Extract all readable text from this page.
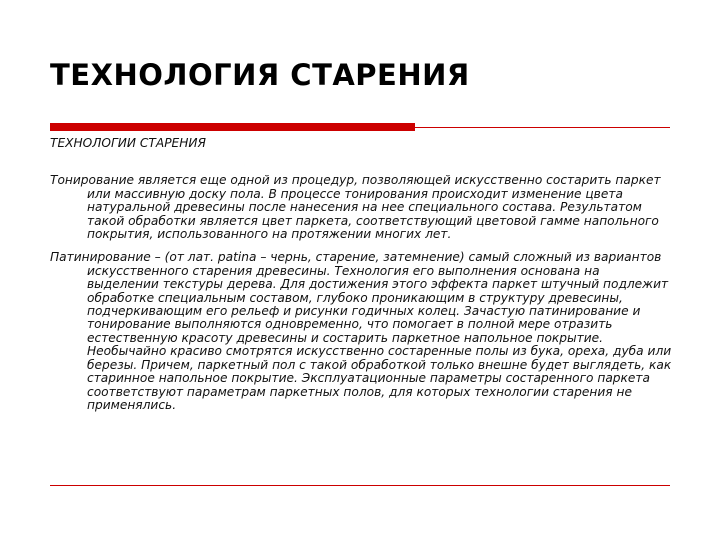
ТЕХНОЛОГИЯ СТАРЕНИЯ

ТЕХНОЛОГИИ СТАРЕНИЯ

Тонирование является еще одной из процедур, позволяющей искусственно состарить паркет или массивную доску пола. В процессе тонирования происходит изменение цвета натуральной древесины после нанесения на нее специального состава. Результатом такой обработки является цвет паркета, соответствующий цветовой гамме напольного покрытия, использованного на протяжении многих лет.

Патинирование – (от лат. patina – чернь, старение, затемнение) самый сложный из вариантов искусственного старения древесины. Технология его выполнения основана на выделении текстуры дерева. Для достижения этого эффекта паркет штучный подлежит обработке специальным составом, глубоко проникающим в структуру древесины, подчеркивающим его рельеф и рисунки годичных колец. Зачастую патинирование и тонирование выполняются одновременно, что помогает в полной мере отразить естественную красоту древесины и состарить паркетное напольное покрытие. Необычайно красиво смотрятся искусственно состаренные полы из бука, ореха, дуба или березы. Причем, паркетный пол с такой обработкой только внешне будет выглядеть, как старинное напольное покрытие. Эксплуатационные параметры состаренного паркета соответствуют параметрам паркетных полов, для которых технологии старения не применялись.
